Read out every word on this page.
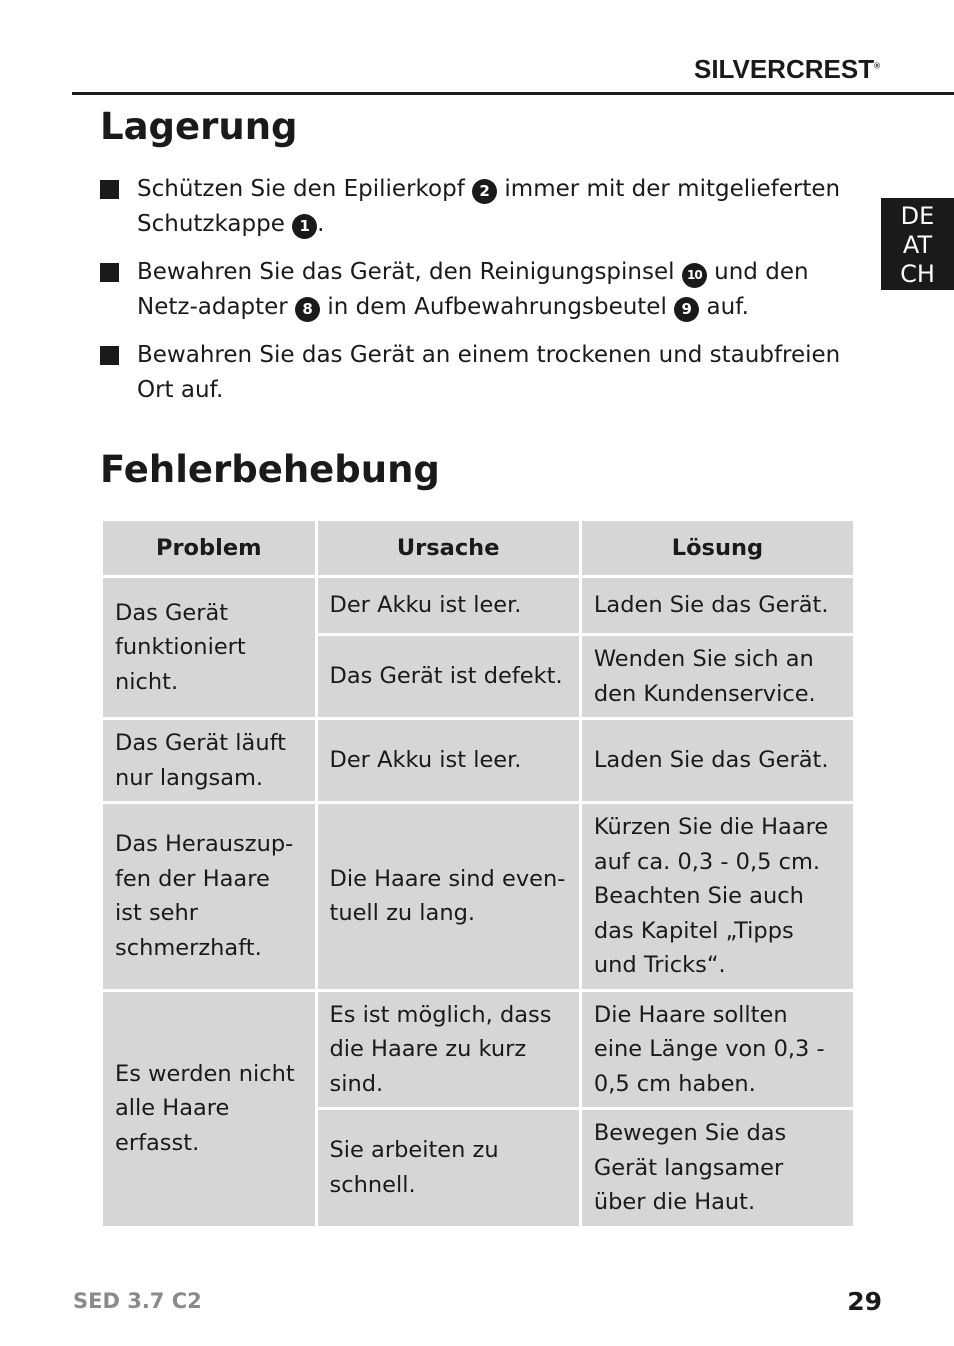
SILVERCREST®
DE
AT
CH
Lagerung
Schützen Sie den Epilierkopf 2 immer mit der mitgelieferten Schutzkappe 1 .
Bewahren Sie das Gerät, den Reinigungspinsel 10 und den Netz-adapter 8 in dem Aufbewahrungsbeutel 9 auf.
Bewahren Sie das Gerät an einem trockenen und staubfreien Ort auf.
Fehlerbehebung
Problem	Ursache	Lösung
Das Gerät funktioniert nicht.	Der Akku ist leer.	Laden Sie das Gerät.
	Das Gerät ist defekt.	Wenden Sie sich an den Kundenservice.
Das Gerät läuft nur langsam.	Der Akku ist leer.	Laden Sie das Gerät.
Das Herauszup-fen der Haare ist sehr schmerzhaft.	Die Haare sind even-tuell zu lang.	Kürzen Sie die Haare auf ca. 0,3 - 0,5 cm. Beachten Sie auch das Kapitel „Tipps und Tricks“.
Es werden nicht alle Haare erfasst.	Es ist möglich, dass die Haare zu kurz sind.	Die Haare sollten eine Länge von 0,3 - 0,5 cm haben.
	Sie arbeiten zu schnell.	Bewegen Sie das Gerät langsamer über die Haut.
SED 3.7 C2	29
